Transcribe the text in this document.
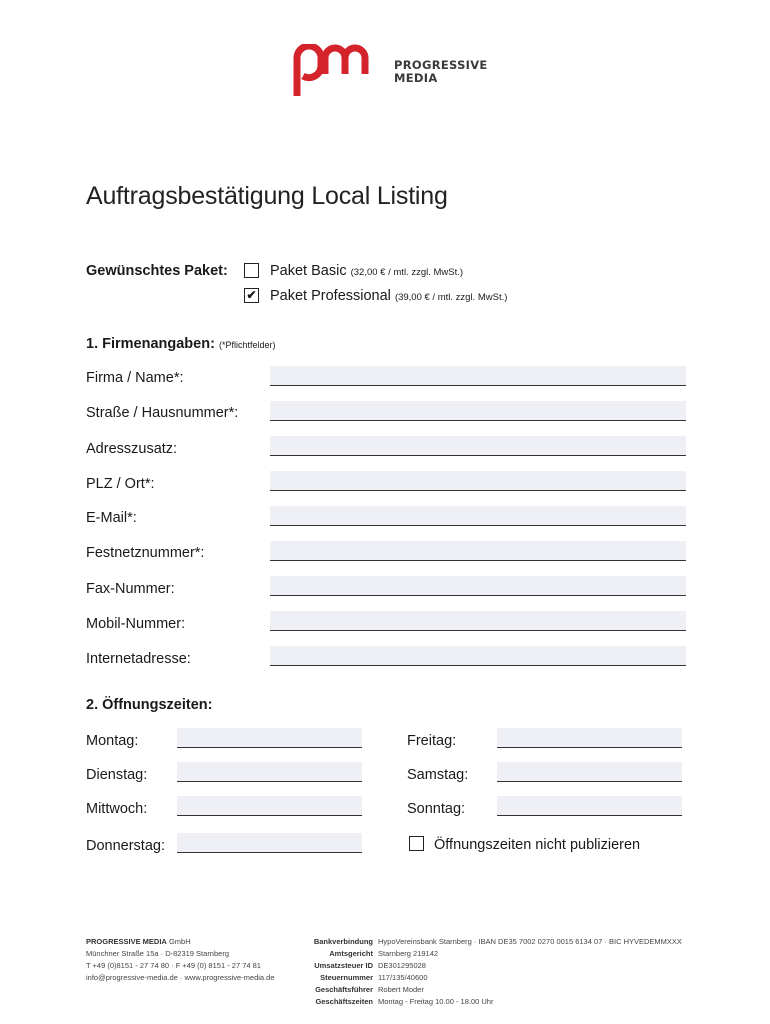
PROGRESSIVE
MEDIA
Auftragsbestätigung Local Listing
Gewünschtes Paket:	Paket Basic (32,00 € / mtl. zzgl. MwSt.)
✔ Paket Professional (39,00 € / mtl. zzgl. MwSt.)
1. Firmenangaben: (*Pflichtfelder)
Firma / Name*:
Straße / Hausnummer*:
Adresszusatz:
PLZ / Ort*:
E-Mail*:
Festnetznummer*:
Fax-Nummer:
Mobil-Nummer:
Internetadresse:
2. Öffnungszeiten:
Montag:
Dienstag:
Mittwoch:
Donnerstag:
Freitag:
Samstag:
Sonntag:
Öffnungszeiten nicht publizieren
PROGRESSIVE MEDIA GmbH
Münchner Straße 15a · D-82319 Starnberg
T +49 (0)8151 - 27 74 80 · F +49 (0) 8151 - 27 74 81
info@progressive-media.de · www.progressive-media.de
Bankverbindung HypoVereinsbank Starnberg · IBAN DE35 7002 0270 0015 6134 07 · BIC HYVEDEMMXXX
Amtsgericht Starnberg 219142
Umsatzsteuer ID DE301295028
Steuernummer 117/135/40600
Geschäftsführer Robert Moder
Geschäftszeiten Montag - Freitag 10.00 - 18.00 Uhr
